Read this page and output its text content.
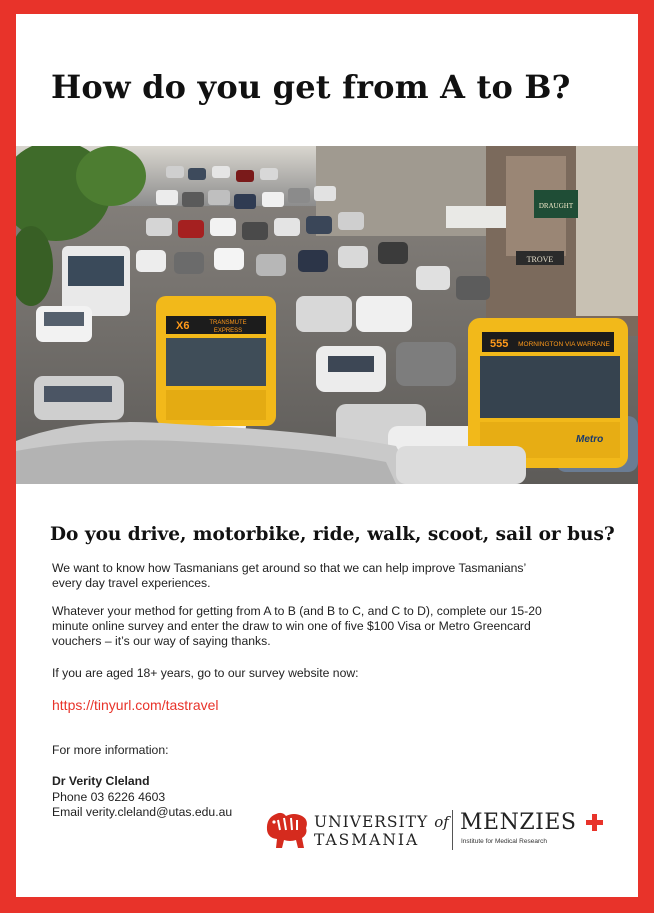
How do you get from A to B?
DRAUGHT
TROVE
X6	TRANSMUTE
EXPRESS
555 MORNINGTON VIA WARRANE
Metro
Do you drive, motorbike, ride, walk, scoot, sail or bus?

We want to know how Tasmanians get around so that we can help improve Tasmanians’ every day travel experiences.

Whatever your method for getting from A to B (and B to C, and C to D), complete our 15-20 minute online survey and enter the draw to win one of five $100 Visa or Metro Greencard vouchers – it’s our way of saying thanks.

If you are aged 18+ years, go to our survey website now:

https://tinyurl.com/tastravel
For more information:
Dr Verity Cleland
Phone 03 6226 4603
Email verity.cleland@utas.edu.au
UNIVERSITY of
TASMANIA
MENZIES
Institute for Medical Research
